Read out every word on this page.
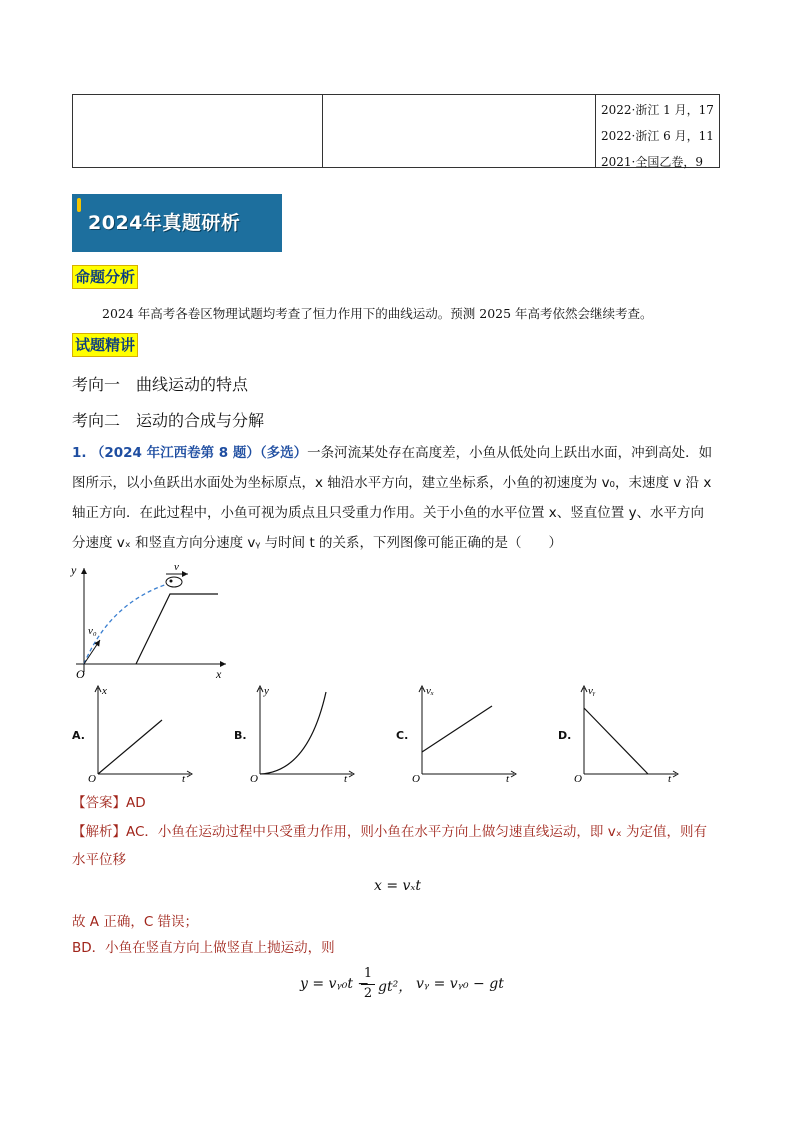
2022·浙江 1 月，17
2022·浙江 6 月，11
2021·全国乙卷，9
2024年真题研析
命题分析
2024 年高考各卷区物理试题均考查了恒力作用下的曲线运动。预测 2025 年高考依然会继续考查。
试题精讲
考向一　曲线运动的特点
考向二　运动的合成与分解
1. （2024 年江西卷第 8 题）（多选）一条河流某处存在高度差，小鱼从低处向上跃出水面，冲到高处．如
图所示，以小鱼跃出水面处为坐标原点，x 轴沿水平方向，建立坐标系，小鱼的初速度为 v₀，末速度 v 沿 x
轴正方向．在此过程中，小鱼可视为质点且只受重力作用。关于小鱼的水平位置 x、竖直位置 y、水平方向
分速度 vₓ 和竖直方向分速度 vᵧ 与时间 t 的关系，下列图像可能正确的是（　　）
y
x
O
v
v₀
A.
x
t
O
B.
y
t
O
C.
vₓ
t
O
D.
vᵧ
t
O
【答案】AD
【解析】AC．小鱼在运动过程中只受重力作用，则小鱼在水平方向上做匀速直线运动，即 vₓ 为定值，则有
水平位移
x = vₓt
故 A 正确，C 错误；
BD．小鱼在竖直方向上做竖直上抛运动，则
y = vᵧ₀t −
1
2 gt²， vᵧ = vᵧ₀ − gt
